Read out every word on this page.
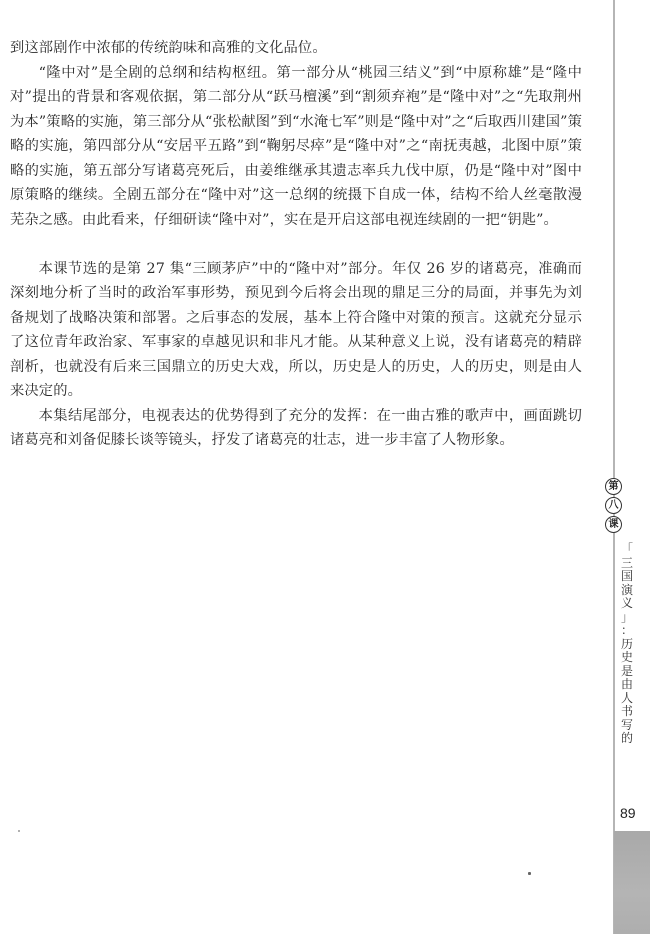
到这部剧作中浓郁的传统韵味和高雅的文化品位。

“隆中对”是全剧的总纲和结构枢纽。第一部分从“桃园三结义”到“中原称雄”是“隆中对”提出的背景和客观依据，第二部分从“跃马檀溪”到“割须弃袍”是“隆中对”之“先取荆州为本”策略的实施，第三部分从“张松献图”到“水淹七军”则是“隆中对”之“后取西川建国”策略的实施，第四部分从“安居平五路”到“鞠躬尽瘁”是“隆中对”之“南抚夷越，北图中原”策略的实施，第五部分写诸葛亮死后，由姜维继承其遗志率兵九伐中原，仍是“隆中对”图中原策略的继续。全剧五部分在“隆中对”这一总纲的统摄下自成一体，结构不给人丝毫散漫芜杂之感。由此看来，仔细研读“隆中对”，实在是开启这部电视连续剧的一把“钥匙”。

本课节选的是第 27 集“三顾茅庐”中的“隆中对”部分。年仅 26 岁的诸葛亮，准确而深刻地分析了当时的政治军事形势，预见到今后将会出现的鼎足三分的局面，并事先为刘备规划了战略决策和部署。之后事态的发展，基本上符合隆中对策的预言。这就充分显示了这位青年政治家、军事家的卓越见识和非凡才能。从某种意义上说，没有诸葛亮的精辟剖析，也就没有后来三国鼎立的历史大戏，所以，历史是人的历史，人的历史，则是由人来决定的。

本集结尾部分，电视表达的优势得到了充分的发挥：在一曲古雅的歌声中，画面跳切诸葛亮和刘备促膝长谈等镜头，抒发了诸葛亮的壮志，进一步丰富了人物形象。

第
八
课
「
三
国
演
义
」
：
历
史
是
由
人
书
写
的
89
